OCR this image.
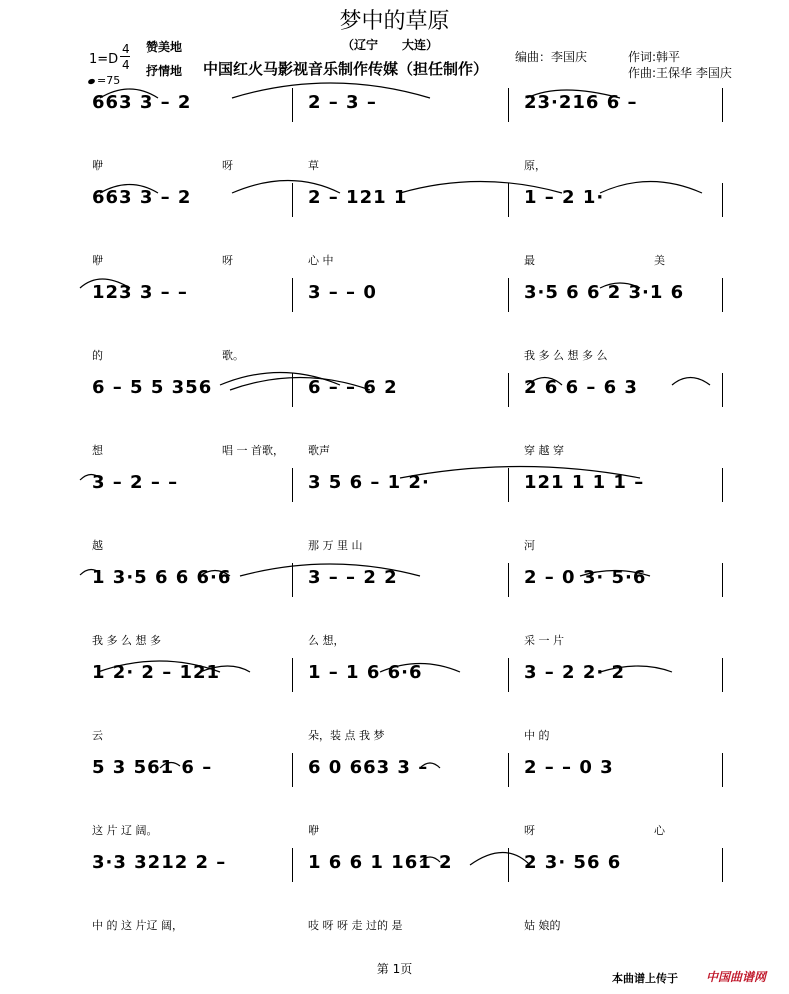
梦中的草原
（辽宁　　大连）
1=D
4
4
赞美地
抒情地 中国红火马影视音乐制作传媒（担任制作）
编曲：李国庆	作词:韩平
作曲:王保华 李国庆
=75
663 3 – 2	2 – 3 –	23·216 6 –
咿	呀	草	原，
663 3 – 2	2 – 121 1	1 – 2 1·
咿	呀	心 中	最	美
123 3 – –	3 – – 0	3·5 6 6 2 3·1 6
的	歌。	我 多 么 想 多 么
6 – 5 5 356	6 – – 6 2	2 6 6 – 6 3
想	唱 一 首歌， 歌声	穿 越 穿
3 – 2 – –	3 5 6 – 1 2·	121 1 1 1 –
越	那 万 里 山	河
1 3·5 6 6 6·6	3 – – 2 2	2 – 0 3· 5·6
我 多 么 想 多	么 想，	采 一 片
1 2· 2 – 121	1 – 1 6 6·6	3 – 2 2· 2
云	朵，装 点 我 梦	中 的
5 3 561 6 –	6 0 663 3 –	2 – – 0 3
这 片 辽 阔。	咿	呀	心
3·3 3212 2 –	1 6 6 1 161 2	2 3· 56 6
中 的 这 片辽 阔，	吱 呀 呀 走 过的 是	姑 娘的
第 1页
本曲谱上传于 中国曲谱网
